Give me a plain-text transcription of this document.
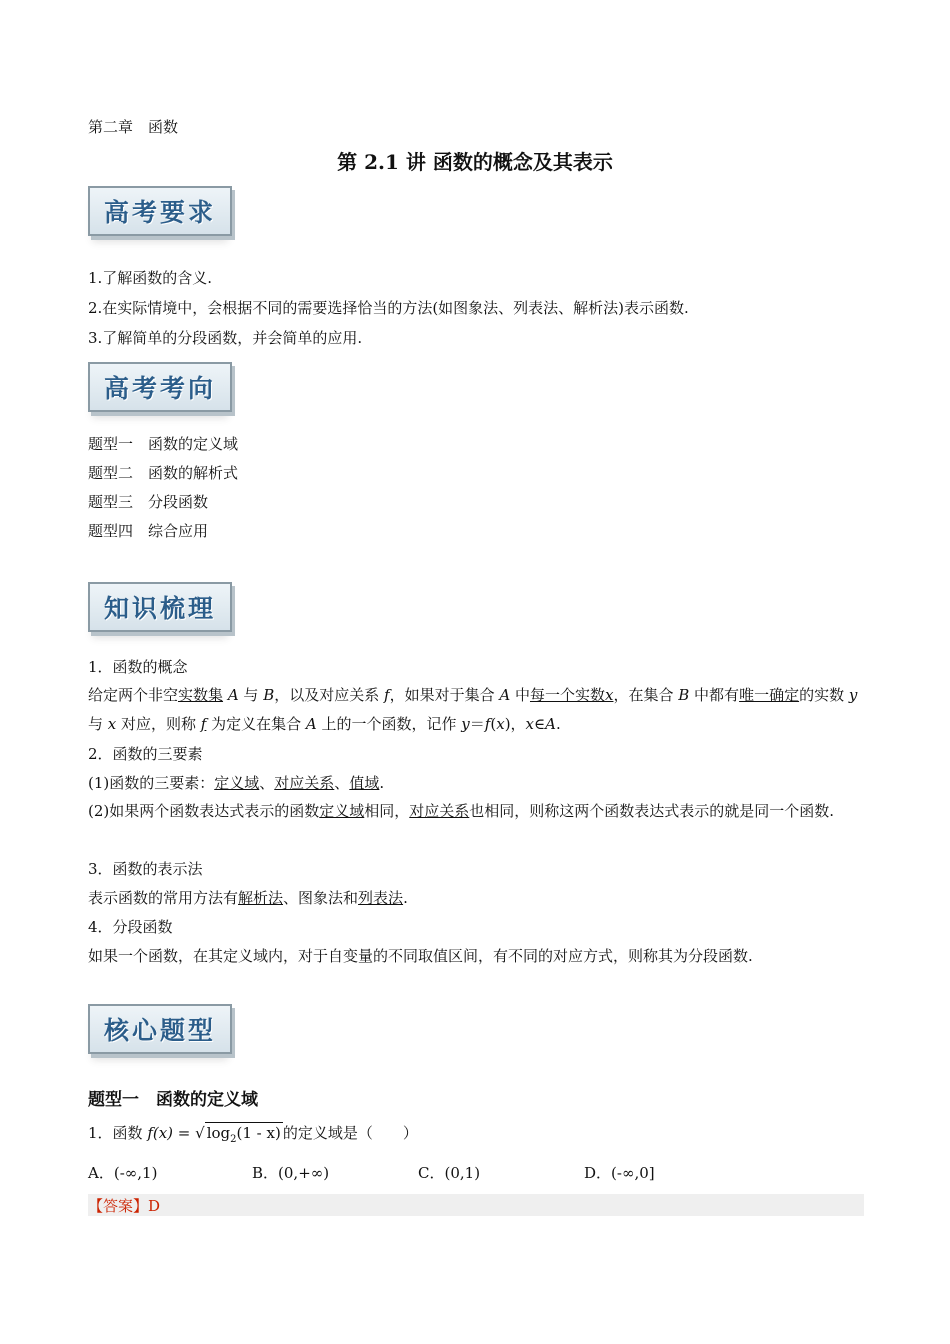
第二章　函数
第 2.1 讲 函数的概念及其表示
高考要求
1.了解函数的含义.
2.在实际情境中，会根据不同的需要选择恰当的方法(如图象法、列表法、解析法)表示函数.
3.了解简单的分段函数，并会简单的应用.
高考考向
题型一　函数的定义域
题型二　函数的解析式
题型三　分段函数
题型四　综合应用
知识梳理
1．函数的概念
给定两个非空实数集 A 与 B，以及对应关系 f，如果对于集合 A 中每一个实数x，在集合 B 中都有唯一确定的实数 y 与 x 对应，则称 f 为定义在集合 A 上的一个函数，记作 y＝f(x)，x∈A.
2．函数的三要素
(1)函数的三要素：定义域、对应关系、值域.
(2)如果两个函数表达式表示的函数定义域相同，对应关系也相同，则称这两个函数表达式表示的就是同一个函数.
3．函数的表示法
表示函数的常用方法有解析法、图象法和列表法.
4．分段函数
如果一个函数，在其定义域内，对于自变量的不同取值区间，有不同的对应方式，则称其为分段函数.
核心题型
题型一　函数的定义域
1．函数 f(x) = √ $\log_2(1 - x)$ 的定义域是（　　）
A．(-∞,1)	B．(0,+∞)	C．(0,1)	D．(-∞,0]
【答案】D
